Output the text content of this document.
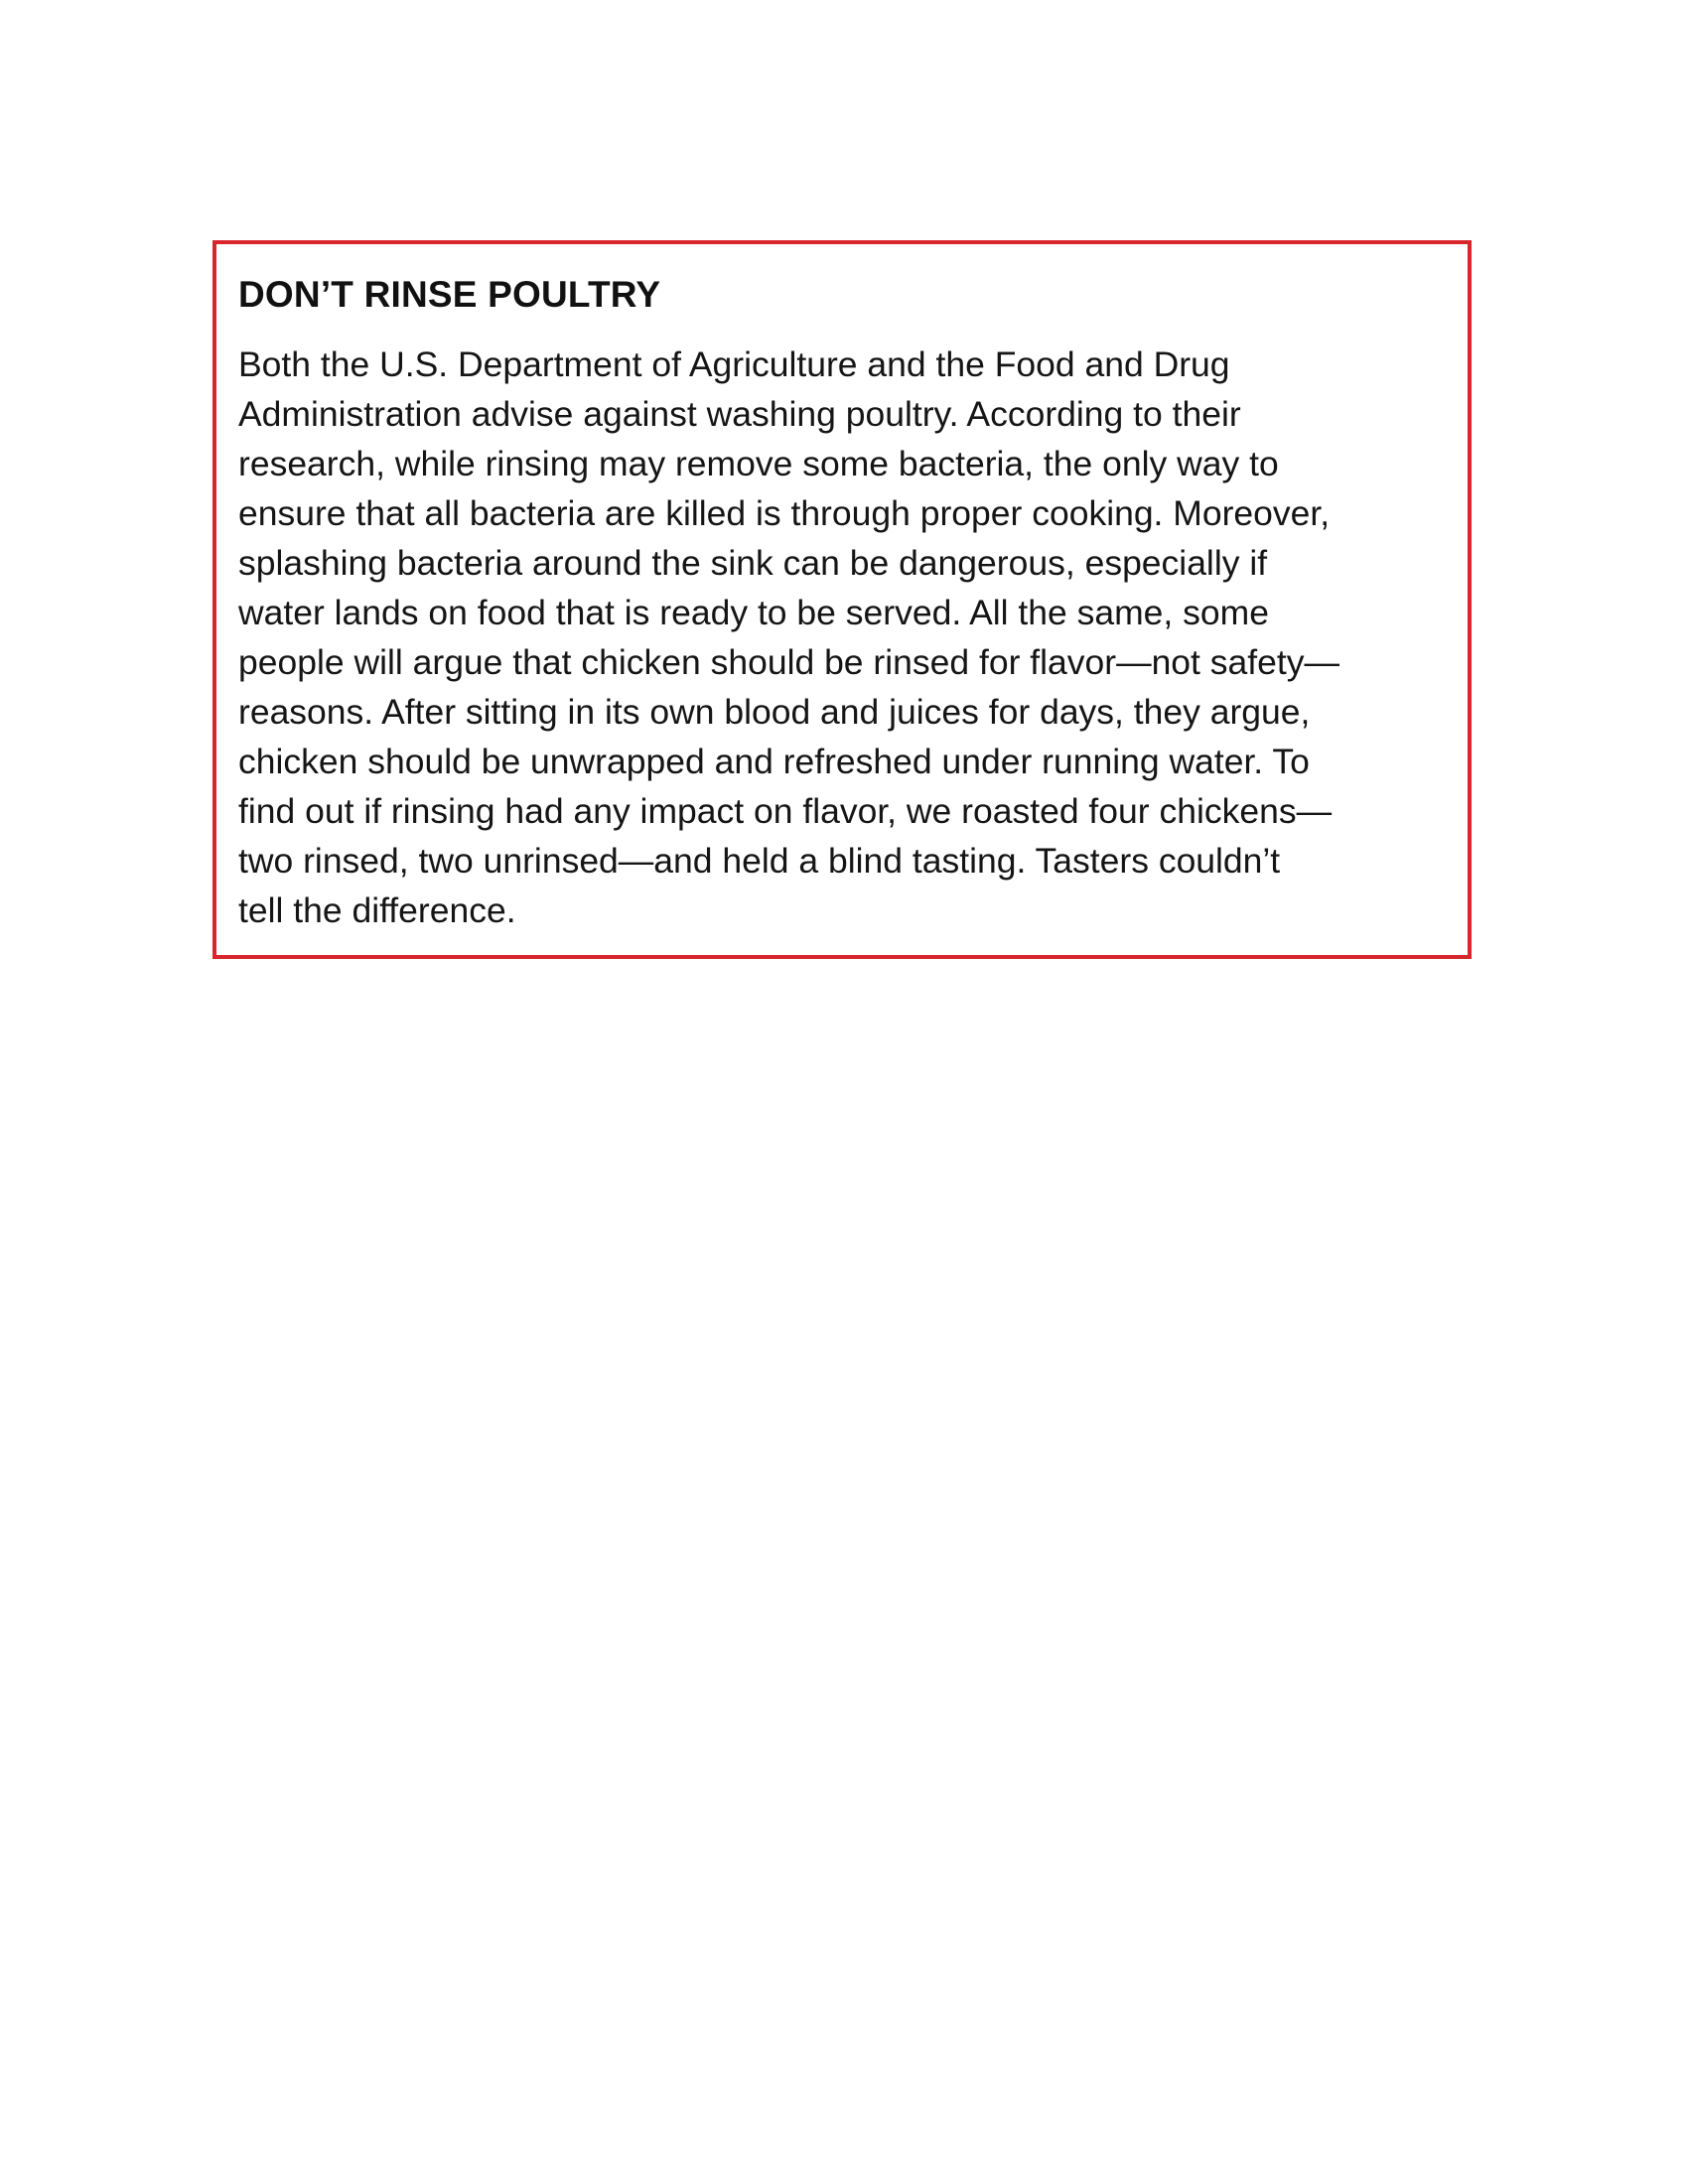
DON’T RINSE POULTRY

Both the U.S. Department of Agriculture and the Food and Drug
Administration advise against washing poultry. According to their
research, while rinsing may remove some bacteria, the only way to
ensure that all bacteria are killed is through proper cooking. Moreover,
splashing bacteria around the sink can be dangerous, especially if
water lands on food that is ready to be served. All the same, some
people will argue that chicken should be rinsed for flavor—not safety—
reasons. After sitting in its own blood and juices for days, they argue,
chicken should be unwrapped and refreshed under running water. To
find out if rinsing had any impact on flavor, we roasted four chickens—
two rinsed, two unrinsed—and held a blind tasting. Tasters couldn’t
tell the difference.
